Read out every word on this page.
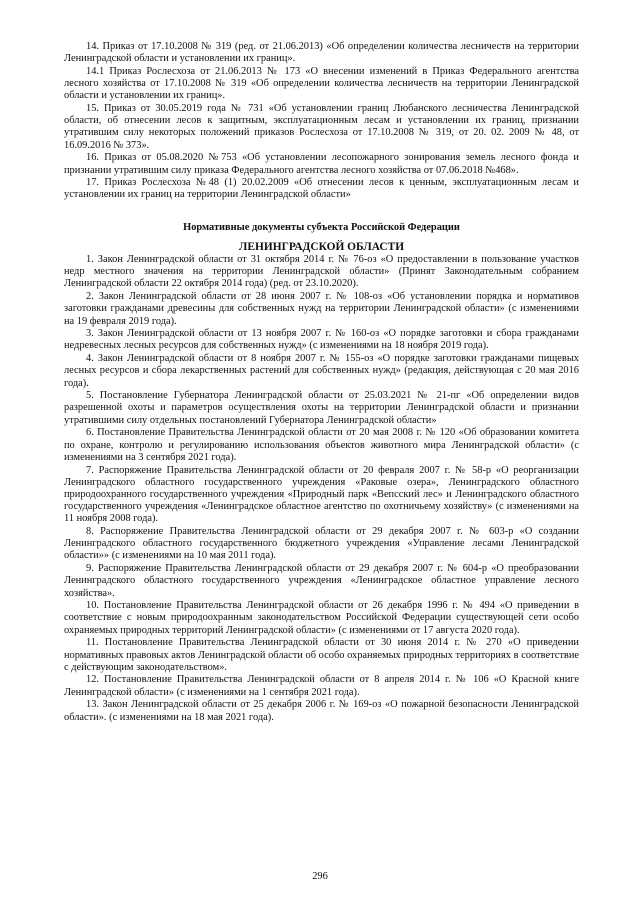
14. Приказ от 17.10.2008 № 319 (ред. от 21.06.2013) «Об определении количества лесничеств на территории Ленинградской области и установлении их границ».

14.1 Приказ Рослесхоза от 21.06.2013 № 173 «О внесении изменений в Приказ Федерального агентства лесного хозяйства от 17.10.2008 № 319 «Об определении количества лесничеств на территории Ленинградской области и установлении их границ».

15. Приказ от 30.05.2019 года № 731 «Об установлении границ Любанского лесничества Ленинградской области, об отнесении лесов к защитным, эксплуатационным лесам и установлении их границ, признании утратившим силу некоторых положений приказов Рослесхоза от 17.10.2008 № 319, от 20. 02. 2009 № 48, от 16.09.2016 № 373».

16. Приказ от 05.08.2020 №753 «Об установлении лесопожарного зонирования земель лесного фонда и признании утратившим силу приказа Федерального агентства лесного хозяйства от 07.06.2018 №468».

17. Приказ Рослесхоза №48 (1) 20.02.2009 «Об отнесении лесов к ценным, эксплуатационным лесам и установлении их границ на территории Ленинградской области»

Нормативные документы субъекта Российской Федерации
ЛЕНИНГРАДСКОЙ ОБЛАСТИ

1. Закон Ленинградской области от 31 октября 2014 г. № 76-оз «О предоставлении в пользование участков недр местного значения на территории Ленинградской области» (Принят Законодательным собранием Ленинградской области 22 октября 2014 года) (ред. от 23.10.2020).

2. Закон Ленинградской области от 28 июня 2007 г. № 108-оз «Об установлении порядка и нормативов заготовки гражданами древесины для собственных нужд на территории Ленинградской области» (с изменениями на 19 февраля 2019 года).

3. Закон Ленинградской области от 13 ноября 2007 г. № 160-оз «О порядке заготовки и сбора гражданами недревесных лесных ресурсов для собственных нужд» (с изменениями на 18 ноября 2019 года).

4. Закон Ленинградской области от 8 ноября 2007 г. № 155-оз «О порядке заготовки гражданами пищевых лесных ресурсов и сбора лекарственных растений для собственных нужд» (редакция, действующая с 20 мая 2016 года).

5. Постановление Губернатора Ленинградской области от 25.03.2021 № 21-пг «Об определении видов разрешенной охоты и параметров осуществления охоты на территории Ленинградской области и признании утратившими силу отдельных постановлений Губернатора Ленинградской области»

6. Постановление Правительства Ленинградской области от 20 мая 2008 г. № 120 «Об образовании комитета по охране, контролю и регулированию использования объектов животного мира Ленинградской области» (с изменениями на 3 сентября 2021 года).

7. Распоряжение Правительства Ленинградской области от 20 февраля 2007 г. № 58-р «О реорганизации Ленинградского областного государственного учреждения «Раковые озера», Ленинградского областного природоохранного государственного учреждения «Природный парк «Вепсский лес» и Ленинградского областного государственного учреждения «Ленинградское областное агентство по охотничьему хозяйству» (с изменениями на 11 ноября 2008 года).

8. Распоряжение Правительства Ленинградской области от 29 декабря 2007 г. № 603-р «О создании Ленинградского областного государственного бюджетного учреждения «Управление лесами Ленинградской области»» (с изменениями на 10 мая 2011 года).

9. Распоряжение Правительства Ленинградской области от 29 декабря 2007 г. № 604-р «О преобразовании Ленинградского областного государственного учреждения «Ленинградское областное управление лесного хозяйства».

10. Постановление Правительства Ленинградской области от 26 декабря 1996 г. № 494 «О приведении в соответствие с новым природоохранным законодательством Российской Федерации существующей сети особо охраняемых природных территорий Ленинградской области» (с изменениями от 17 августа 2020 года).

11. Постановление Правительства Ленинградской области от 30 июня 2014 г. № 270 «О приведении нормативных правовых актов Ленинградской области об особо охраняемых природных территориях в соответствие с действующим законодательством».

12. Постановление Правительства Ленинградской области от 8 апреля 2014 г. № 106 «О Красной книге Ленинградской области» (с изменениями на 1 сентября 2021 года).

13. Закон Ленинградской области от 25 декабря 2006 г. № 169-оз «О пожарной безопасности Ленинградской области». (с изменениями на 18 мая 2021 года).

296
